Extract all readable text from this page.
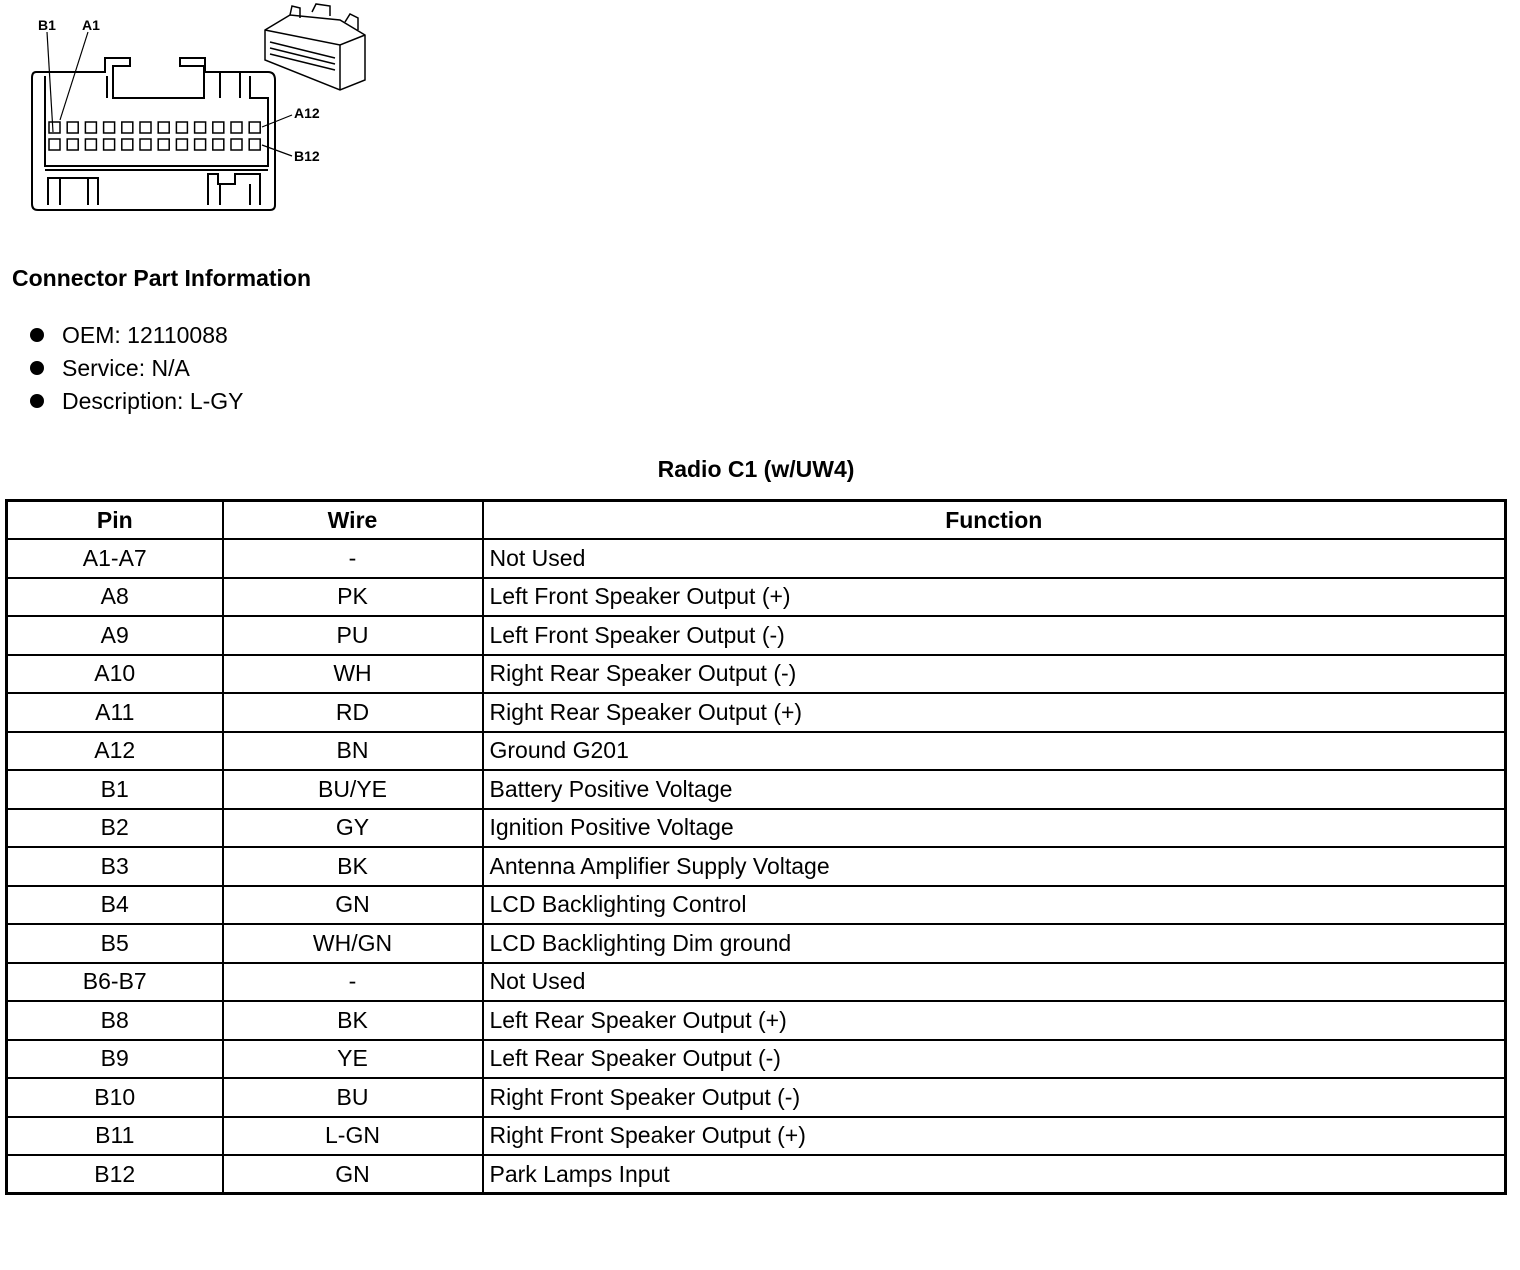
B1 A1
A12
B12
Connector Part Information
OEM: 12110088
Service: N/A
Description: L-GY
Radio C1 (w/UW4)
Pin	Wire	Function
A1-A7	-	Not Used
A8	PK	Left Front Speaker Output (+)
A9	PU	Left Front Speaker Output (-)
A10	WH	Right Rear Speaker Output (-)
A11	RD	Right Rear Speaker Output (+)
A12	BN	Ground G201
B1	BU/YE	Battery Positive Voltage
B2	GY	Ignition Positive Voltage
B3	BK	Antenna Amplifier Supply Voltage
B4	GN	LCD Backlighting Control
B5	WH/GN	LCD Backlighting Dim ground
B6-B7	-	Not Used
B8	BK	Left Rear Speaker Output (+)
B9	YE	Left Rear Speaker Output (-)
B10	BU	Right Front Speaker Output (-)
B11	L-GN	Right Front Speaker Output (+)
B12	GN	Park Lamps Input
